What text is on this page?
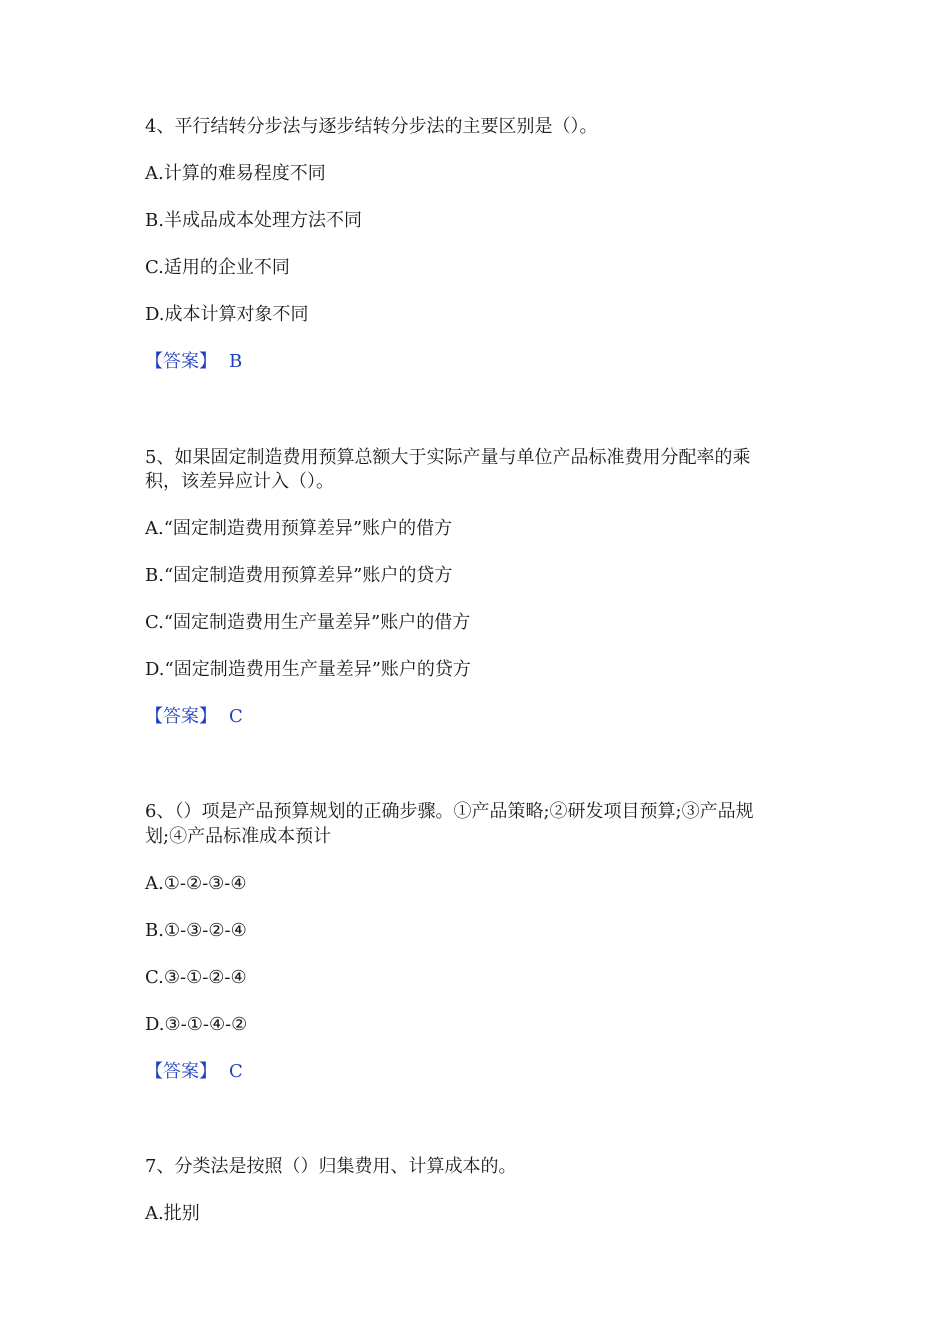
4、平行结转分步法与逐步结转分步法的主要区别是（）。
A.计算的难易程度不同
B.半成品成本处理方法不同
C.适用的企业不同
D.成本计算对象不同
【答案】 B
5、如果固定制造费用预算总额大于实际产量与单位产品标准费用分配率的乘
积，该差异应计入（）。
A.“固定制造费用预算差异”账户的借方
B.“固定制造费用预算差异”账户的贷方
C.“固定制造费用生产量差异”账户的借方
D.“固定制造费用生产量差异”账户的贷方
【答案】 C
6、（）项是产品预算规划的正确步骤。①产品策略;②研发项目预算;③产品规
划;④产品标准成本预计
A.①-②-③-④
B.①-③-②-④
C.③-①-②-④
D.③-①-④-②
【答案】 C
7、分类法是按照（）归集费用、计算成本的。
A.批别
